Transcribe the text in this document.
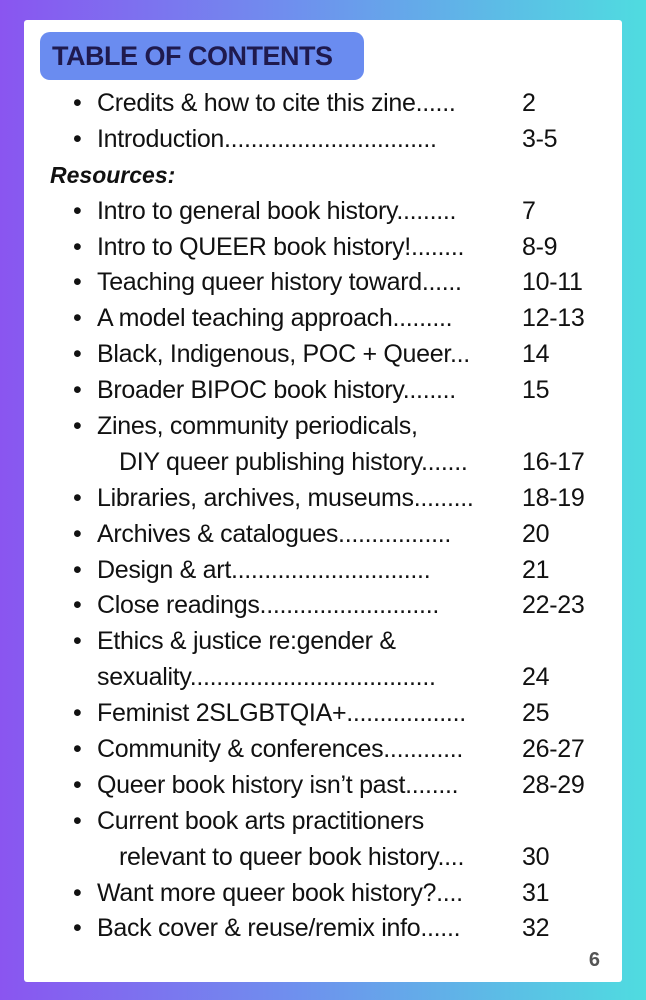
TABLE OF CONTENTS
• Credits & how to cite this zine......	2
• Introduction................................	3-5
Resources:
• Intro to general book history.........	7
• Intro to QUEER book history!........ 8-9
• Teaching queer history toward...... 10-11
• A model teaching approach.........	12-13
• Black, Indigenous, POC + Queer... 14
• Broader BIPOC book history........	15
• Zines, community periodicals,
DIY queer publishing history....... 16-17
• Libraries, archives, museums......... 18-19
• Archives & catalogues.................	20
• Design & art..............................	21
• Close readings...........................	22-23
• Ethics & justice re:gender &
sexuality.....................................	24
• Feminist 2SLGBTQIA+.................. 25
• Community & conferences............ 26-27
• Queer book history isn’t past........	28-29
• Current book arts practitioners
relevant to queer book history.... 30
• Want more queer book history?.... 31
• Back cover & reuse/remix info...... 32
6
